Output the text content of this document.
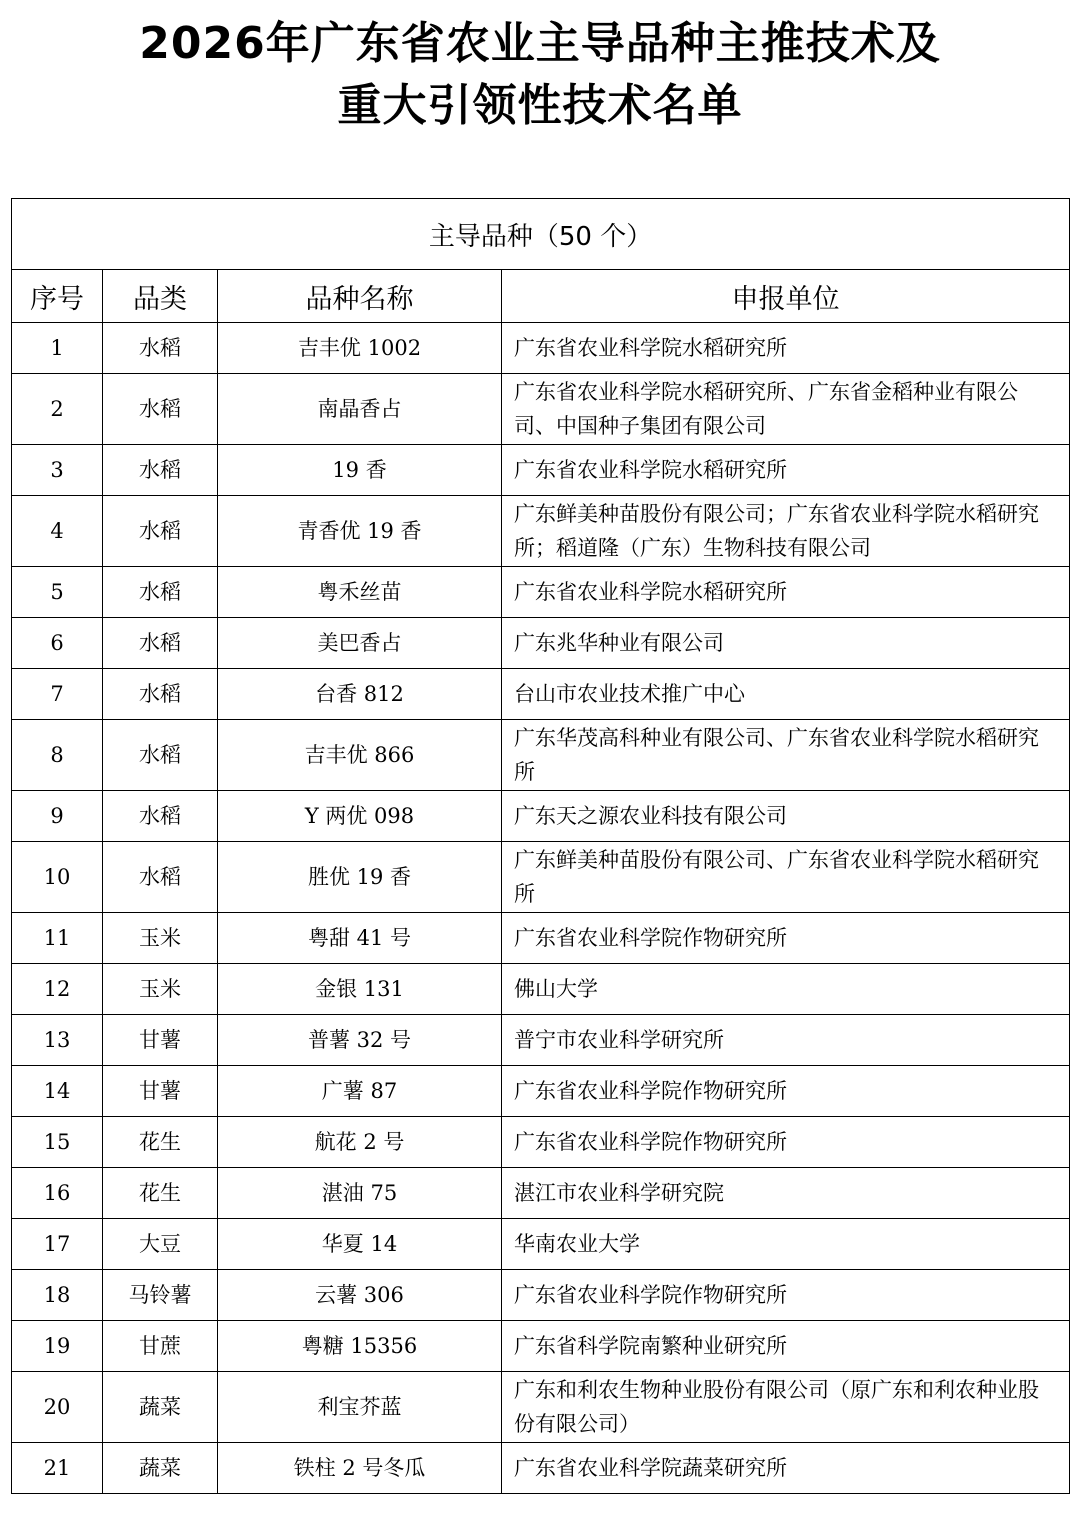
2026年广东省农业主导品种主推技术及
重大引领性技术名单
主导品种（50 个）			
序号	品类	品种名称	申报单位
1	水稻	吉丰优 1002	广东省农业科学院水稻研究所
2	水稻	南晶香占	广东省农业科学院水稻研究所、广东省金稻种业有限公司、中国种子集团有限公司
3	水稻	19 香	广东省农业科学院水稻研究所
4	水稻	青香优 19 香	广东鲜美种苗股份有限公司；广东省农业科学院水稻研究所；稻道隆（广东）生物科技有限公司
5	水稻	粤禾丝苗	广东省农业科学院水稻研究所
6	水稻	美巴香占	广东兆华种业有限公司
7	水稻	台香 812	台山市农业技术推广中心
8	水稻	吉丰优 866	广东华茂高科种业有限公司、广东省农业科学院水稻研究所
9	水稻	Y 两优 098	广东天之源农业科技有限公司
10	水稻	胜优 19 香	广东鲜美种苗股份有限公司、广东省农业科学院水稻研究 所
11	玉米	粤甜 41 号	广东省农业科学院作物研究所
12	玉米	金银 131	佛山大学
13	甘薯	普薯 32 号	普宁市农业科学研究所
14	甘薯	广薯 87	广东省农业科学院作物研究所
15	花生	航花 2 号	广东省农业科学院作物研究所
16	花生	湛油 75	湛江市农业科学研究院
17	大豆	华夏 14	华南农业大学
18	马铃薯	云薯 306	广东省农业科学院作物研究所
19	甘蔗	粤糖 15356	广东省科学院南繁种业研究所
20	蔬菜	利宝芥蓝	广东和利农生物种业股份有限公司（原广东和利农种业股份有限公司）
21	蔬菜	铁柱 2 号冬瓜	广东省农业科学院蔬菜研究所
